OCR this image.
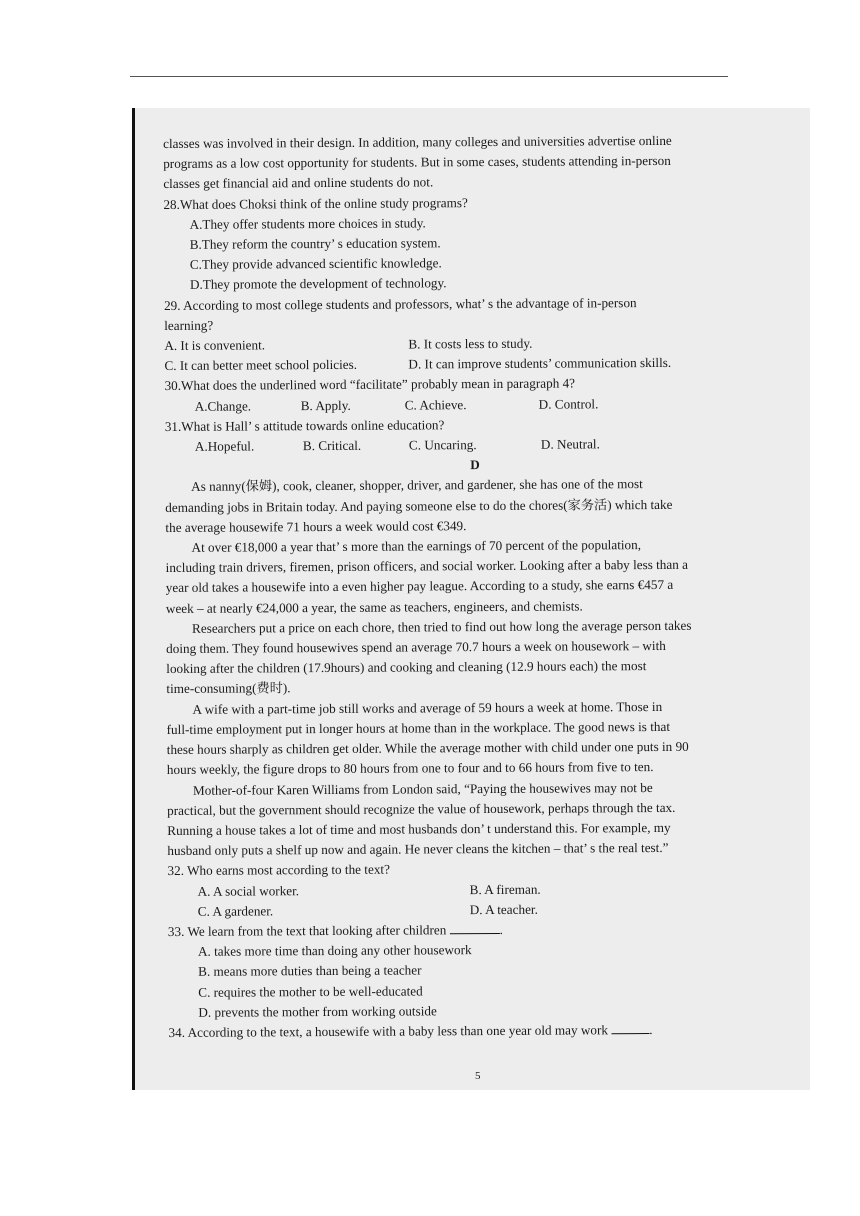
classes was involved in their design. In addition, many colleges and universities advertise online

programs as a low cost opportunity for students. But in some cases, students attending in-person

classes get financial aid and online students do not.

28.What does Choksi think of the online study programs?

A.They offer students more choices in study.

B.They reform the country’ s education system.

C.They provide advanced scientific knowledge.

D.They promote the development of technology.

29. According to most college students and professors, what’ s the advantage of in-person

learning?

A. It is convenient.	B. It costs less to study.
C. It can better meet school policies.	D. It can improve students’ communication skills.

30.What does the underlined word “facilitate” probably mean in paragraph 4?

A.Change.	B. Apply.	C. Achieve.	D. Control.

31.What is Hall’ s attitude towards online education?

A.Hopeful.	B. Critical.	C. Uncaring.	D. Neutral.

D

As nanny(保姆), cook, cleaner, shopper, driver, and gardener, she has one of the most

demanding jobs in Britain today. And paying someone else to do the chores(家务活) which take

the average housewife 71 hours a week would cost €349.

At over €18,000 a year that’ s more than the earnings of 70 percent of the population,

including train drivers, firemen, prison officers, and social worker. Looking after a baby less than a

year old takes a housewife into a even higher pay league. According to a study, she earns €457 a

week – at nearly €24,000 a year, the same as teachers, engineers, and chemists.

Researchers put a price on each chore, then tried to find out how long the average person takes

doing them. They found housewives spend an average 70.7 hours a week on housework – with

looking after the children (17.9hours) and cooking and cleaning (12.9 hours each) the most

time-consuming(费时).

A wife with a part-time job still works and average of 59 hours a week at home. Those in

full-time employment put in longer hours at home than in the workplace. The good news is that

these hours sharply as children get older. While the average mother with child under one puts in 90

hours weekly, the figure drops to 80 hours from one to four and to 66 hours from five to ten.

Mother-of-four Karen Williams from London said, “Paying the housewives may not be

practical, but the government should recognize the value of housework, perhaps through the tax.

Running a house takes a lot of time and most husbands don’ t understand this. For example, my

husband only puts a shelf up now and again. He never cleans the kitchen – that’ s the real test.”

32. Who earns most according to the text?

A. A social worker.	B. A fireman.
C. A gardener.	D. A teacher.

33. We learn from the text that looking after children	.

A. takes more time than doing any other housework

B. means more duties than being a teacher

C. requires the mother to be well-educated

D. prevents the mother from working outside

34. According to the text, a housewife with a baby less than one year old may work	.

5
